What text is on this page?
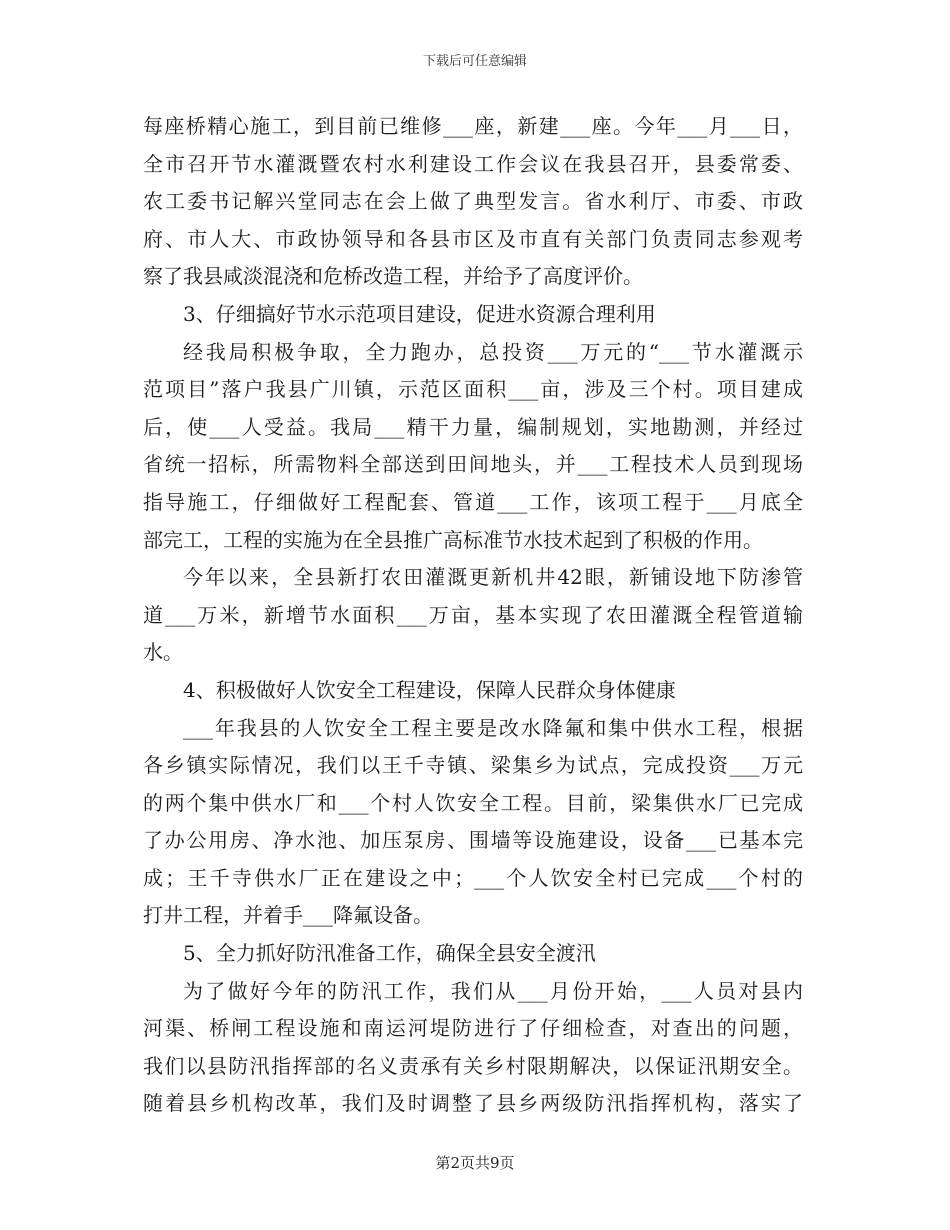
下载后可任意编辑
每座桥精心施工，到目前已维修___座，新建___座。今年___月___日，
全市召开节水灌溉暨农村水利建设工作会议在我县召开，县委常委、
农工委书记解兴堂同志在会上做了典型发言。省水利厅、市委、市政
府、市人大、市政协领导和各县市区及市直有关部门负责同志参观考
察了我县咸淡混浇和危桥改造工程，并给予了高度评价。
3、仔细搞好节水示范项目建设，促进水资源合理利用
经我局积极争取，全力跑办，总投资___万元的“___节水灌溉示
范项目”落户我县广川镇，示范区面积___亩，涉及三个村。项目建成
后，使___人受益。我局___精干力量，编制规划，实地勘测，并经过
省统一招标，所需物料全部送到田间地头，并___工程技术人员到现场
指导施工，仔细做好工程配套、管道___工作，该项工程于___月底全
部完工，工程的实施为在全县推广高标准节水技术起到了积极的作用。
今年以来，全县新打农田灌溉更新机井42眼，新铺设地下防渗管
道___万米，新增节水面积___万亩，基本实现了农田灌溉全程管道输
水。
4、积极做好人饮安全工程建设，保障人民群众身体健康
___年我县的人饮安全工程主要是改水降氟和集中供水工程，根据
各乡镇实际情况，我们以王千寺镇、梁集乡为试点，完成投资___万元
的两个集中供水厂和___个村人饮安全工程。目前，梁集供水厂已完成
了办公用房、净水池、加压泵房、围墙等设施建设，设备___已基本完
成；王千寺供水厂正在建设之中；___个人饮安全村已完成___个村的
打井工程，并着手___降氟设备。
5、全力抓好防汛准备工作，确保全县安全渡汛
为了做好今年的防汛工作，我们从___月份开始，___人员对县内
河渠、桥闸工程设施和南运河堤防进行了仔细检查，对查出的问题，
我们以县防汛指挥部的名义责承有关乡村限期解决，以保证汛期安全。
随着县乡机构改革，我们及时调整了县乡两级防汛指挥机构，落实了
第2页共9页
